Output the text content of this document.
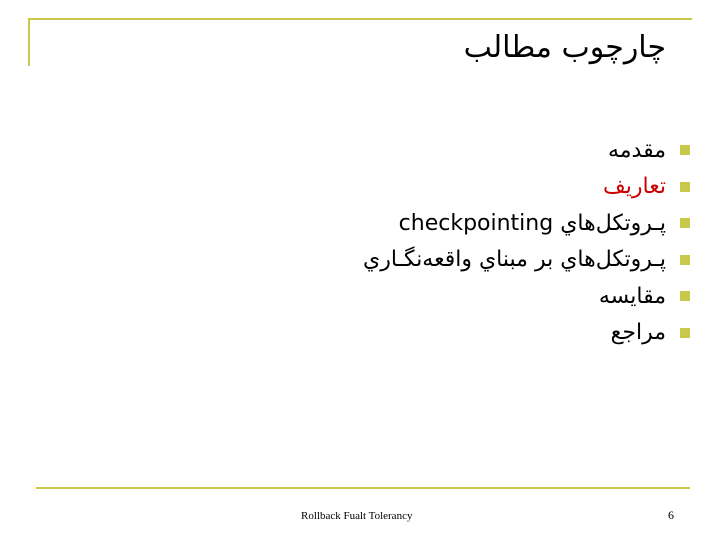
چارچوب مطالب
مقدمه
تعاريف
پـروتكل‌هاي checkpointing
پـروتكل‌هاي بر مبناي واقعه‌نگـاري
مقايسه
مراجع
Rollback Fualt Tolerancy	6
